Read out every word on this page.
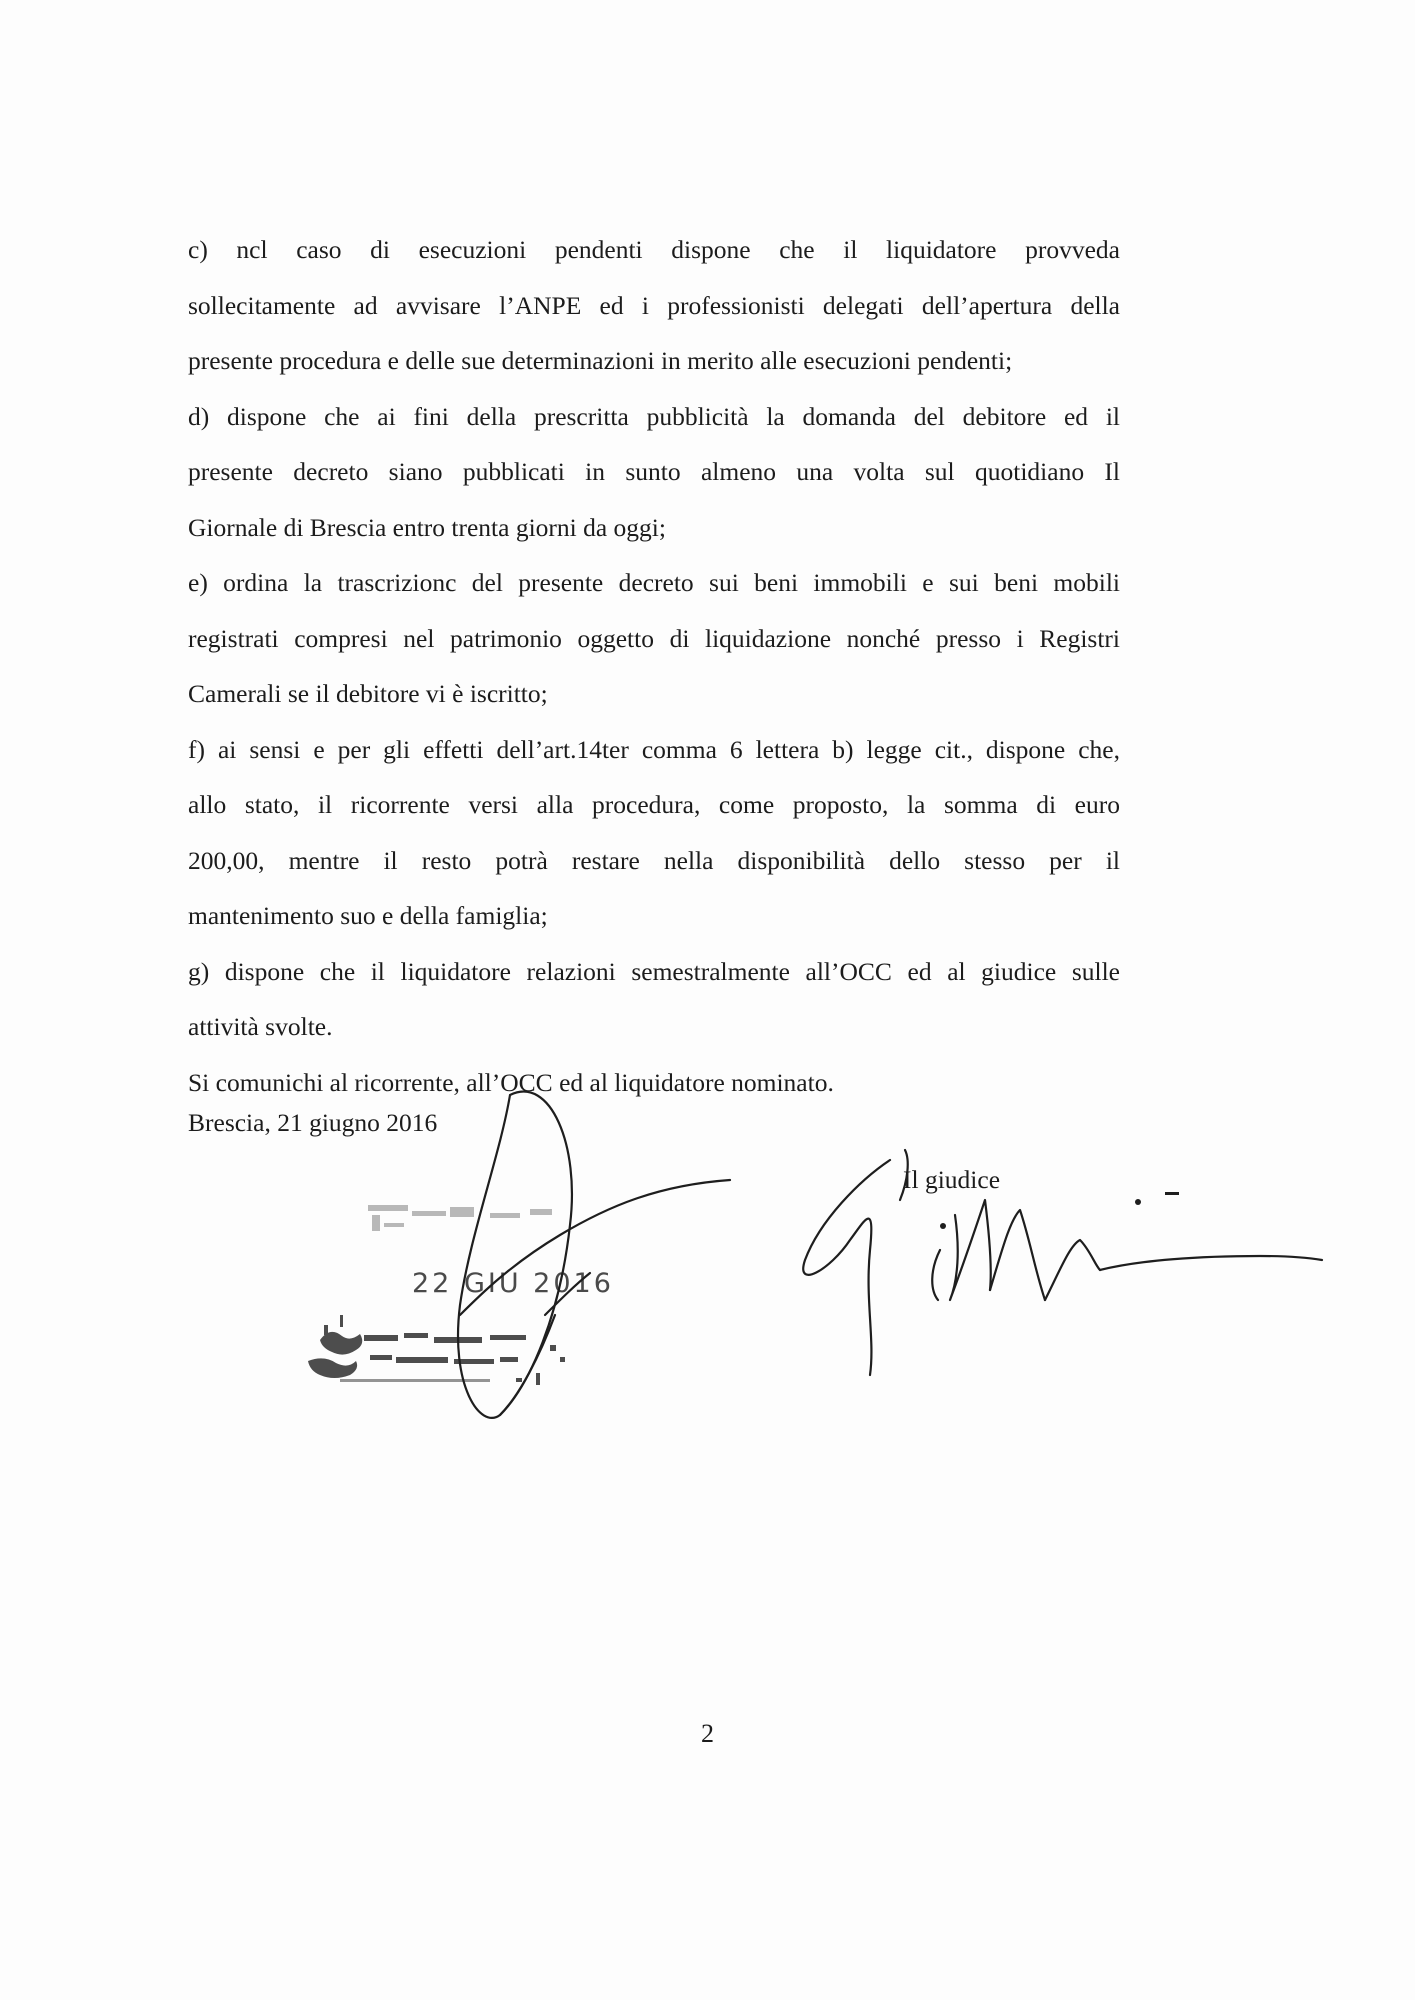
c) ncl caso di esecuzioni pendenti dispone che il liquidatore provveda

sollecitamente ad avvisare l’ANPE ed i professionisti delegati dell’apertura della

presente procedura e delle sue determinazioni in merito alle esecuzioni pendenti;

d) dispone che ai fini della prescritta pubblicità la domanda del debitore ed il

presente decreto siano pubblicati in sunto almeno una volta sul quotidiano Il

Giornale di Brescia entro trenta giorni da oggi;

e) ordina la trascrizionc del presente decreto sui beni immobili e sui beni mobili

registrati compresi nel patrimonio oggetto di liquidazione nonché presso i Registri

Camerali se il debitore vi è iscritto;

f) ai sensi e per gli effetti dell’art.14ter comma 6 lettera b) legge cit., dispone che,

allo stato, il ricorrente versi alla procedura, come proposto, la somma di euro

200,00, mentre il resto potrà restare nella disponibilità dello stesso per il

mantenimento suo e della famiglia;

g) dispone che il liquidatore relazioni semestralmente all’OCC ed al giudice sulle

attività svolte.

Si comunichi al ricorrente, all’OCC ed al liquidatore nominato.

Brescia, 21 giugno 2016
Il giudice
22 GIU 2016
2
